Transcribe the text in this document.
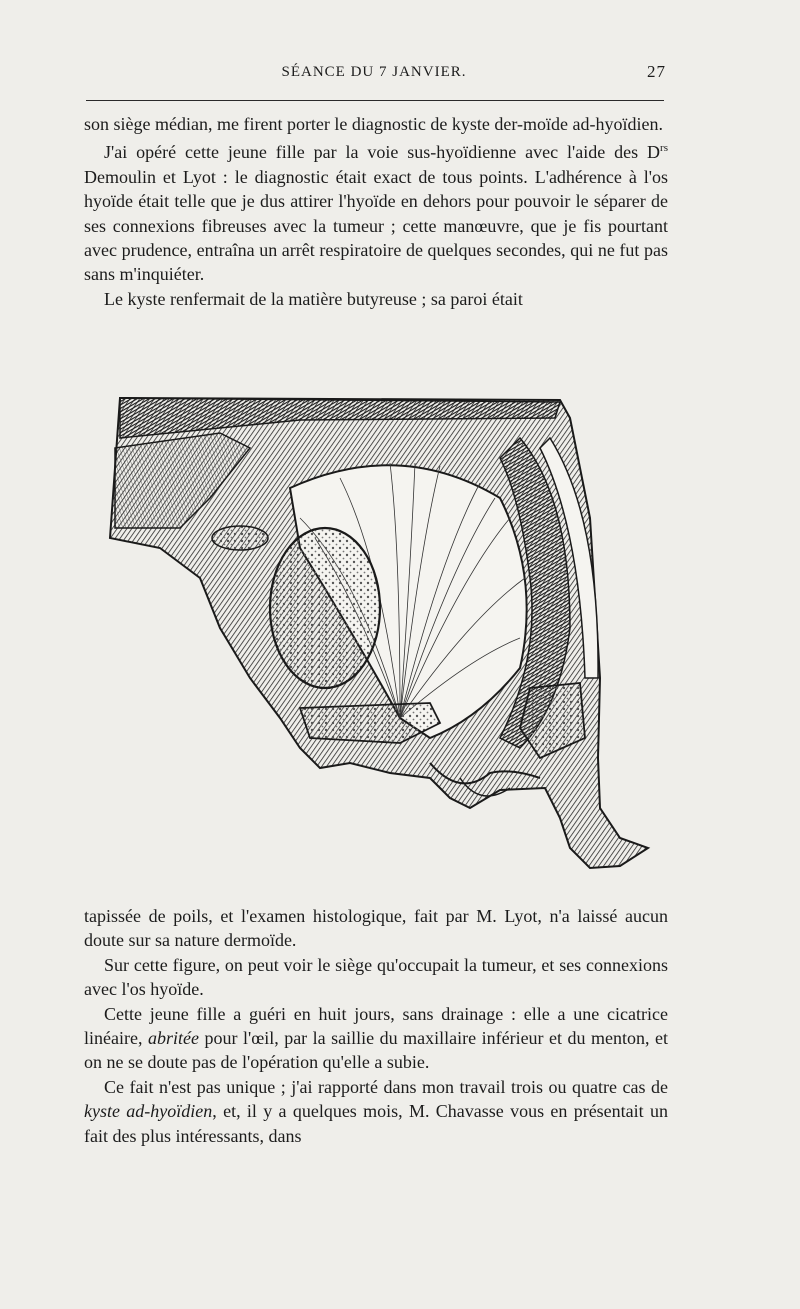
SÉANCE DU 7 JANVIER.	27

son siège médian, me firent porter le diagnostic de kyste der-moïde ad-hyoïdien.

J'ai opéré cette jeune fille par la voie sus-hyoïdienne avec l'aide des $D^{rs}$ Demoulin et Lyot : le diagnostic était exact de tous points. L'adhérence à l'os hyoïde était telle que je dus attirer l'hyoïde en dehors pour pouvoir le séparer de ses connexions fibreuses avec la tumeur ; cette manœuvre, que je fis pourtant avec prudence, entraîna un arrêt respiratoire de quelques secondes, qui ne fut pas sans m'inquiéter.

Le kyste renfermait de la matière butyreuse ; sa paroi était

tapissée de poils, et l'examen histologique, fait par M. Lyot, n'a laissé aucun doute sur sa nature dermoïde.

Sur cette figure, on peut voir le siège qu'occupait la tumeur, et ses connexions avec l'os hyoïde.

Cette jeune fille a guéri en huit jours, sans drainage : elle a une cicatrice linéaire, abritée pour l'œil, par la saillie du maxillaire inférieur et du menton, et on ne se doute pas de l'opération qu'elle a subie.

Ce fait n'est pas unique ; j'ai rapporté dans mon travail trois ou quatre cas de kyste ad-hyoïdien, et, il y a quelques mois, M. Chavasse vous en présentait un fait des plus intéressants, dans
